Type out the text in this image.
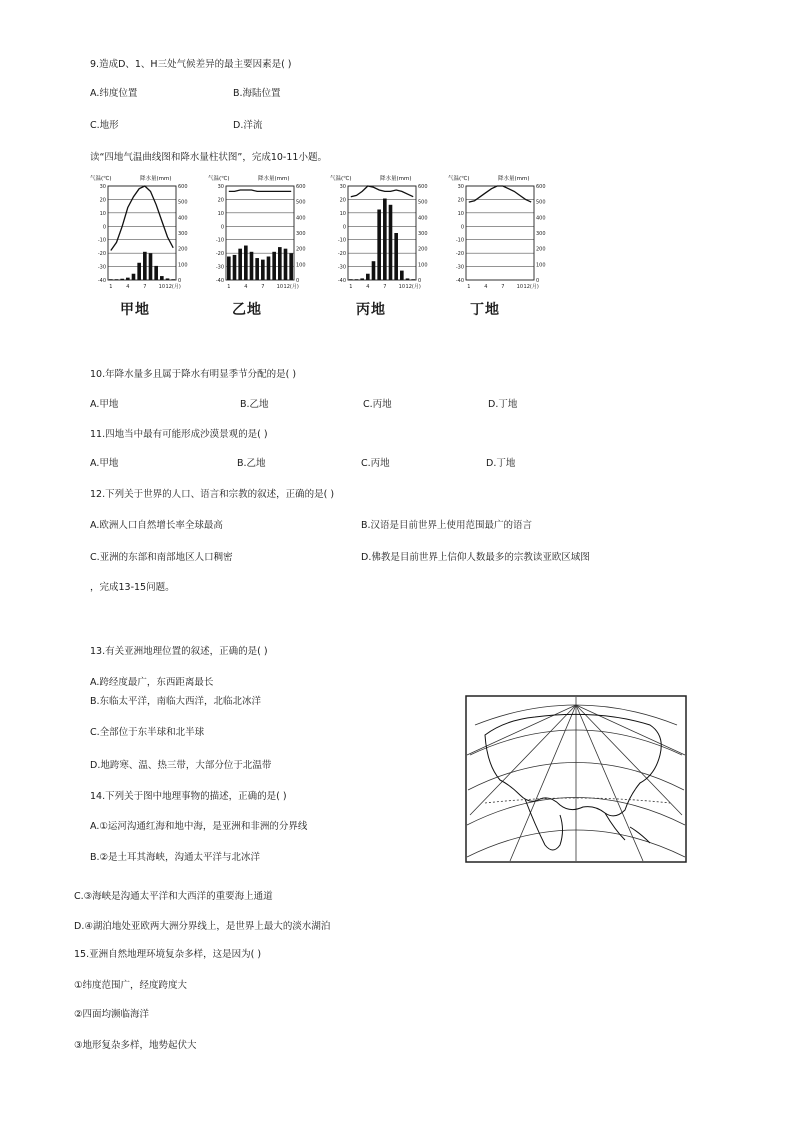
9.造成D、1、H三处气候差异的最主要因素是( )
A.纬度位置	B.海陆位置
C.地形	D.洋流
读“四地气温曲线图和降水量柱状图”，完成10-11小题。
气温(℃)	降水量(mm)
30
20
10
0
-10
-20
-30
-40
600
500
400
300
200
100
0
1	4	7 10 12(月)
气温(℃)	降水量(mm)
30
20
10
0
-10
-20
-30
-40
600
500
400
300
200
100
0
1	4	7 10 12(月)
气温(℃)	降水量(mm)
30
20
10
0
-10
-20
-30
-40
600
500
400
300
200
100
0
1	4	7 10 12(月)
气温(℃)	降水量(mm)
30
20
10
0
-10
-20
-30
-40
600
500
400
300
200
100
0
1	4	7 10 12(月)
甲地	乙地	丙地	丁地
10.年降水量多且属于降水有明显季节分配的是( )
A.甲地	B.乙地	C.丙地	D.丁地
11.四地当中最有可能形成沙漠景观的是( )
A.甲地	B.乙地	C.丙地	D.丁地
12.下列关于世界的人口、语言和宗教的叙述，正确的是( )
A.欧洲人口自然增长率全球最高	B.汉语是目前世界上使用范围最广的语言
C.亚洲的东部和南部地区人口稠密	D.佛教是目前世界上信仰人数最多的宗教读亚欧区域图
，完成13-15问题。
13.有关亚洲地理位置的叙述，正确的是( )
A.跨经度最广，东西距离最长
B.东临太平洋，南临大西洋，北临北冰洋
C.全部位于东半球和北半球
D.地跨寒、温、热三带，大部分位于北温带
14.下列关于图中地理事物的描述，正确的是( )
A.①运河沟通红海和地中海，是亚洲和非洲的分界线
B.②是土耳其海峡，沟通太平洋与北冰洋
C.③海峡是沟通太平洋和大西洋的重要海上通道
D.④湖泊地处亚欧两大洲分界线上，是世界上最大的淡水湖泊
15.亚洲自然地理环境复杂多样，这是因为( )
①纬度范围广，经度跨度大
②四面均濒临海洋
③地形复杂多样，地势起伏大
